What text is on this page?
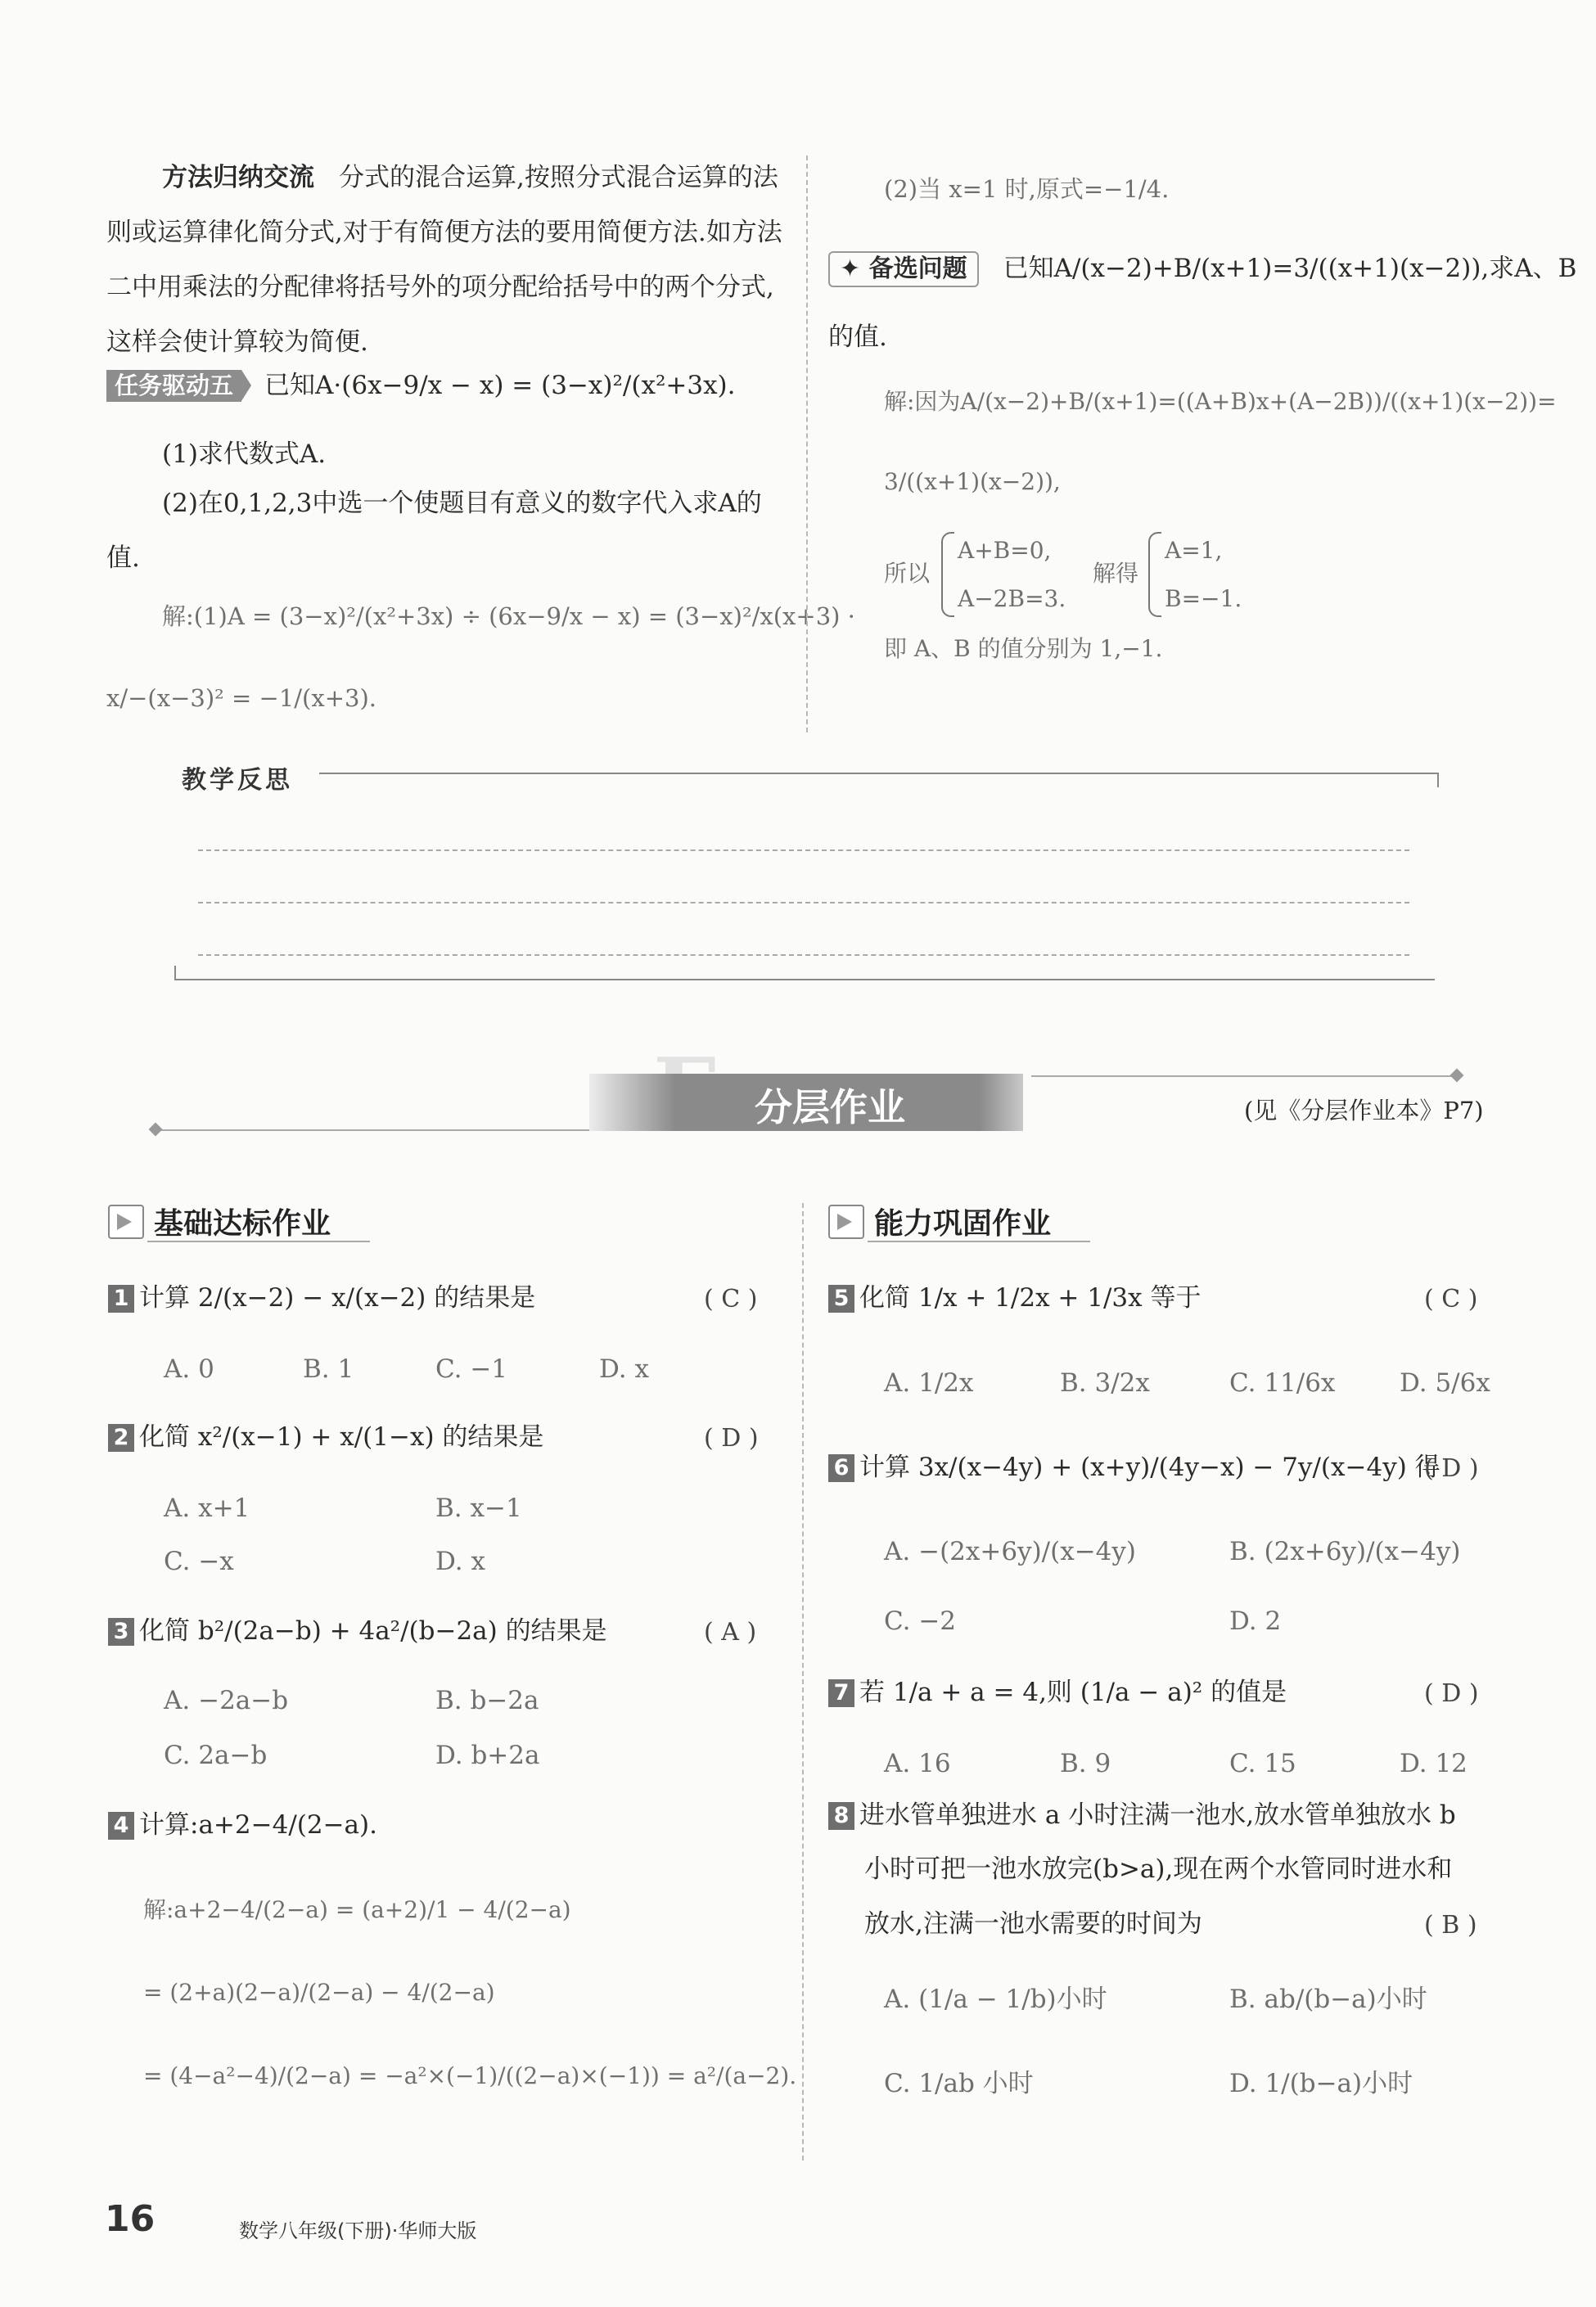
方法归纳交流 分式的混合运算,按照分式混合运算的法则或运算律化简分式,对于有简便方法的要用简便方法.如方法二中用乘法的分配律将括号外的项分配给括号中的两个分式,这样会使计算较为简便.
任务驱动五	已知A·(6x−9/x − x) = (3−x)²/(x²+3x).
(1)求代数式A.
(2)在0,1,2,3中选一个使题目有意义的数字代入求A的值.
解:(1)A = (3−x)²/(x²+3x) ÷ (6x−9/x − x) = (3−x)²/x(x+3) ·
x/−(x−3)² = −1/(x+3).
(2)当 x=1 时,原式=−1/4.
✦ 备选问题	已知A/(x−2)+B/(x+1)=3/((x+1)(x−2)),求A、B
的值.
解:因为A/(x−2)+B/(x+1)=((A+B)x+(A−2B))/((x+1)(x−2))=
3/((x+1)(x−2)),
所以
A+B=0,
A−2B=3.
解得
A=1,
B=−1.
即 A、B 的值分别为 1,−1.
教学反思
分层作业	(见《分层作业本》P7)
基础达标作业
1 计算 2/(x−2) − x/(x−2) 的结果是	( C )
A. 0	B. 1	C. −1	D. x
2 化简 x²/(x−1) + x/(1−x) 的结果是	( D )
A. x+1	B. x−1
C. −x	D. x
3 化简 b²/(2a−b) + 4a²/(b−2a) 的结果是	( A )
A. −2a−b	B. b−2a
C. 2a−b	D. b+2a
4 计算:a+2−4/(2−a).
解:a+2−4/(2−a) = (a+2)/1 − 4/(2−a)
= (2+a)(2−a)/(2−a) − 4/(2−a)
= (4−a²−4)/(2−a) = −a²×(−1)/((2−a)×(−1)) = a²/(a−2).
能力巩固作业
5 化简 1/x + 1/2x + 1/3x 等于	( C )
A. 1/2x	B. 3/2x	C. 11/6x	D. 5/6x
6 计算 3x/(x−4y) + (x+y)/(4y−x) − 7y/(x−4y) 得
( D )
A. −(2x+6y)/(x−4y)	B. (2x+6y)/(x−4y)
C. −2	D. 2
7 若 1/a + a = 4,则 (1/a − a)² 的值是	( D )
A. 16	B. 9	C. 15	D. 12
8 进水管单独进水 a 小时注满一池水,放水管单独放水 b
小时可把一池水放完(b>a),现在两个水管同时进水和
放水,注满一池水需要的时间为	( B )
A. (1/a − 1/b)小时	B. ab/(b−a)小时
C. 1/ab 小时	D. 1/(b−a)小时
16	数学八年级(下册)·华师大版
